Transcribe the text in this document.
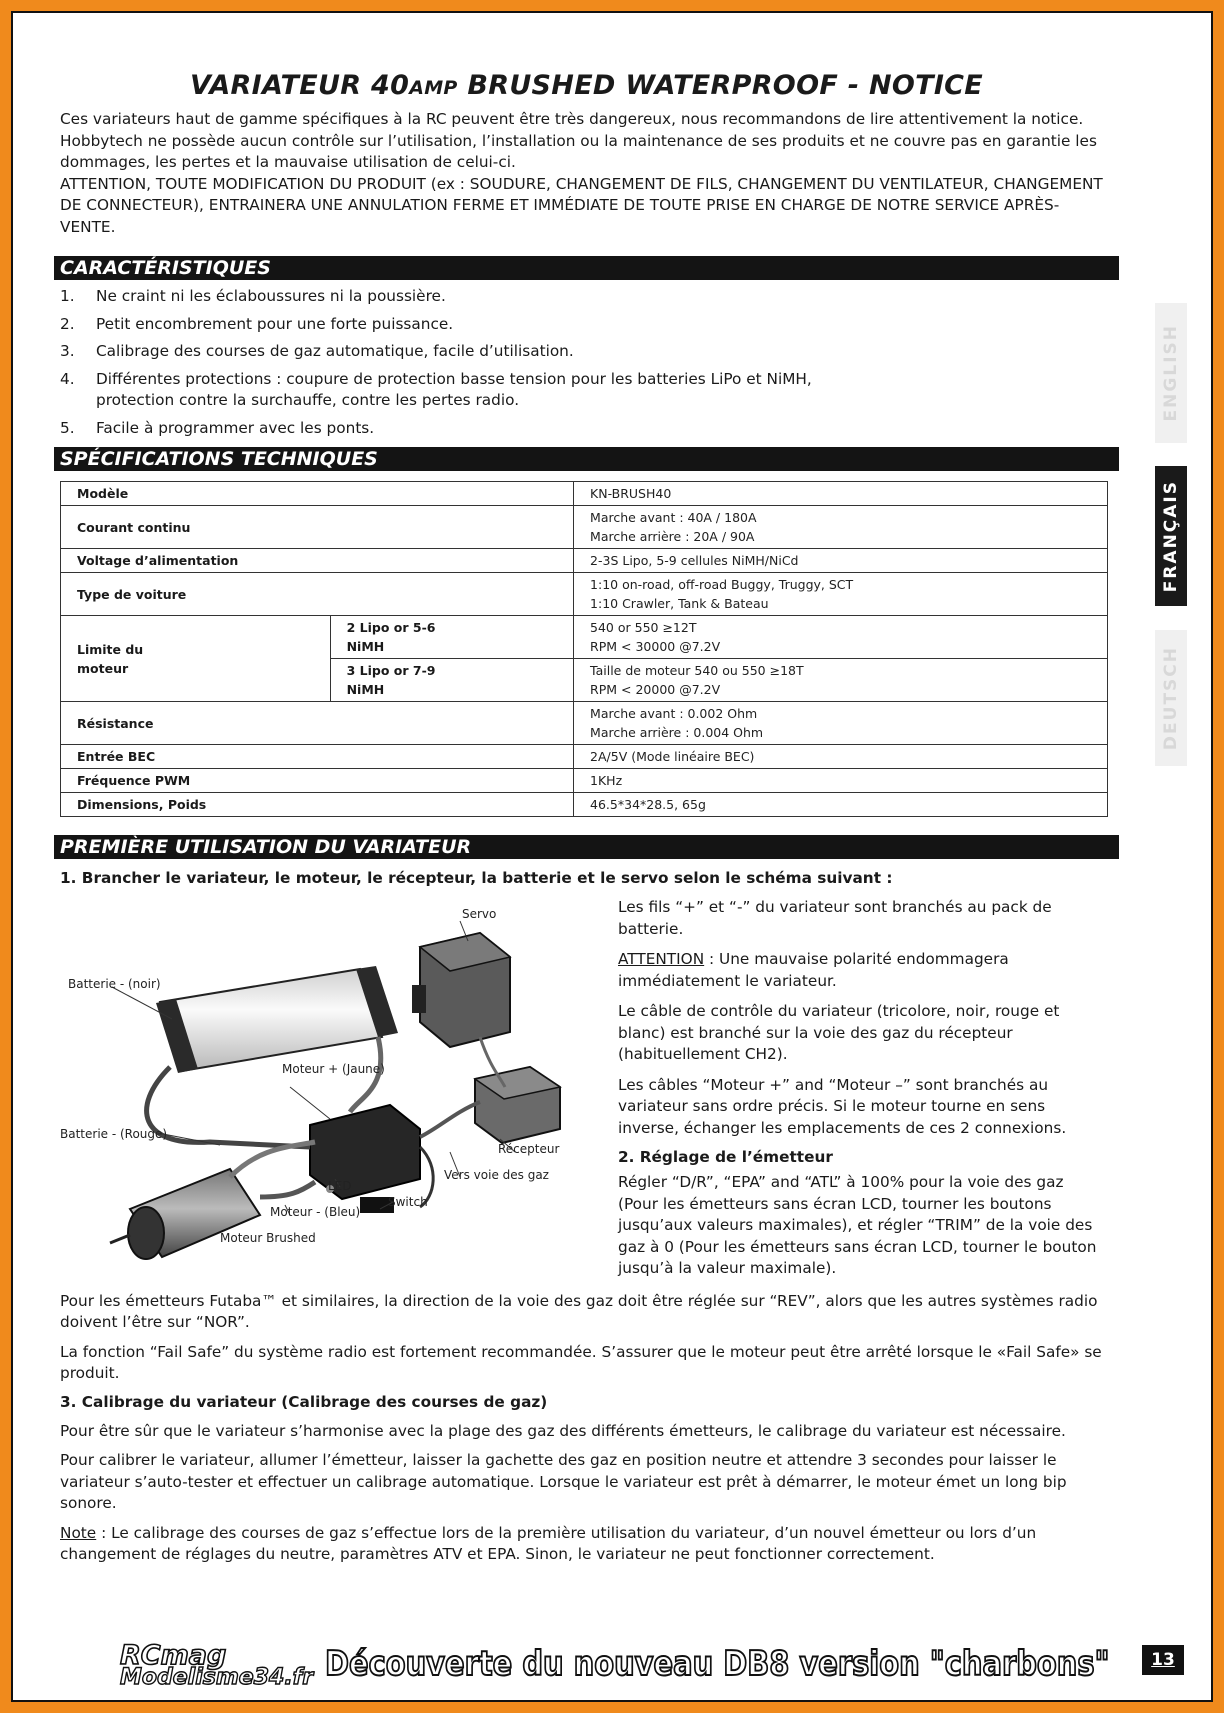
ENGLISH
FRANÇAIS
DEUTSCH
VARIATEUR 40AMP BRUSHED WATERPROOF - NOTICE

Ces variateurs haut de gamme spécifiques à la RC peuvent être très dangereux, nous recommandons de lire attentivement la notice. Hobbytech ne possède aucun contrôle sur l’utilisation, l’installation ou la maintenance de ses produits et ne couvre pas en garantie les dommages, les pertes et la mauvaise utilisation de celui-ci.

ATTENTION, TOUTE MODIFICATION DU PRODUIT (ex : SOUDURE, CHANGEMENT DE FILS, CHANGEMENT DU VENTILATEUR, CHANGEMENT DE CONNECTEUR), ENTRAINERA UNE ANNULATION FERME ET IMMÉDIATE DE TOUTE PRISE EN CHARGE DE NOTRE SERVICE APRÈS-VENTE.

CARACTÉRISTIQUES
1.	Ne craint ni les éclaboussures ni la poussière.
2.	Petit encombrement pour une forte puissance.
3.	Calibrage des courses de gaz automatique, facile d’utilisation.
4.	Différentes protections : coupure de protection basse tension pour les batteries LiPo et NiMH, protection contre la surchauffe, contre les pertes radio.
5.	Facile à programmer avec les ponts.
SPÉCIFICATIONS TECHNIQUES
Modèle		KN-BRUSH40
Courant continu		Marche avant : 40A / 180A
Marche arrière : 20A / 90A

Voltage d’alimentation		2-3S Lipo, 5-9 cellules NiMH/NiCd
Type de voiture		1:10 on-road, off-road Buggy, Truggy, SCT
1:10 Crawler, Tank & Bateau

Limite du moteur	2 Lipo or 5-6 NiMH	540 or 550 ≥12T
RPM < 30000 @7.2V

	3 Lipo or 7-9 NiMH	Taille de moteur 540 ou 550 ≥18T
RPM < 20000 @7.2V

Résistance		Marche avant : 0.002 Ohm
Marche arrière : 0.004 Ohm

Entrée BEC		2A/5V (Mode linéaire BEC)
Fréquence PWM		1KHz
Dimensions, Poids		46.5*34*28.5, 65g
PREMIÈRE UTILISATION DU VARIATEUR
1. Brancher le variateur, le moteur, le récepteur, la batterie et le servo selon le schéma suivant :
Servo
Batterie - (noir)
Moteur + (Jaune)
Batterie - (Rouge)
Récepteur
Vers voie des gaz
LED
Switch
Moteur - (Bleu)
Moteur Brushed

Les fils “+” et “-” du variateur sont branchés au pack de batterie.

ATTENTION : Une mauvaise polarité endommagera immédiatement le variateur.

Le câble de contrôle du variateur (tricolore, noir, rouge et blanc) est branché sur la voie des gaz du récepteur (habituellement CH2).

Les câbles “Moteur +” and “Moteur –” sont branchés au variateur sans ordre précis. Si le moteur tourne en sens inverse, échanger les emplacements de ces 2 connexions.

2. Réglage de l’émetteur

Régler “D/R”, “EPA” and “ATL” à 100% pour la voie des gaz (Pour les émetteurs sans écran LCD, tourner les boutons jusqu’aux valeurs maximales), et régler “TRIM” de la voie des gaz à 0 (Pour les émetteurs sans écran LCD, tourner le bouton jusqu’à la valeur maximale).

Pour les émetteurs Futaba™ et similaires, la direction de la voie des gaz doit être réglée sur “REV”, alors que les autres systèmes radio doivent l’être sur “NOR”.

La fonction “Fail Safe” du système radio est fortement recommandée. S’assurer que le moteur peut être arrêté lorsque le «Fail Safe» se produit.

3. Calibrage du variateur (Calibrage des courses de gaz)

Pour être sûr que le variateur s’harmonise avec la plage des gaz des différents émetteurs, le calibrage du variateur est nécessaire.

Pour calibrer le variateur, allumer l’émetteur, laisser la gachette des gaz en position neutre et attendre 3 secondes pour laisser le variateur s’auto-tester et effectuer un calibrage automatique. Lorsque le variateur est prêt à démarrer, le moteur émet un long bip sonore.

Note : Le calibrage des courses de gaz s’effectue lors de la première utilisation du variateur, d’un nouvel émetteur ou lors d’un changement de réglages du neutre, paramètres ATV et EPA. Sinon, le variateur ne peut fonctionner correctement.

RCmag
Modelisme34.fr Découverte du nouveau DB8 version "charbons"	13
